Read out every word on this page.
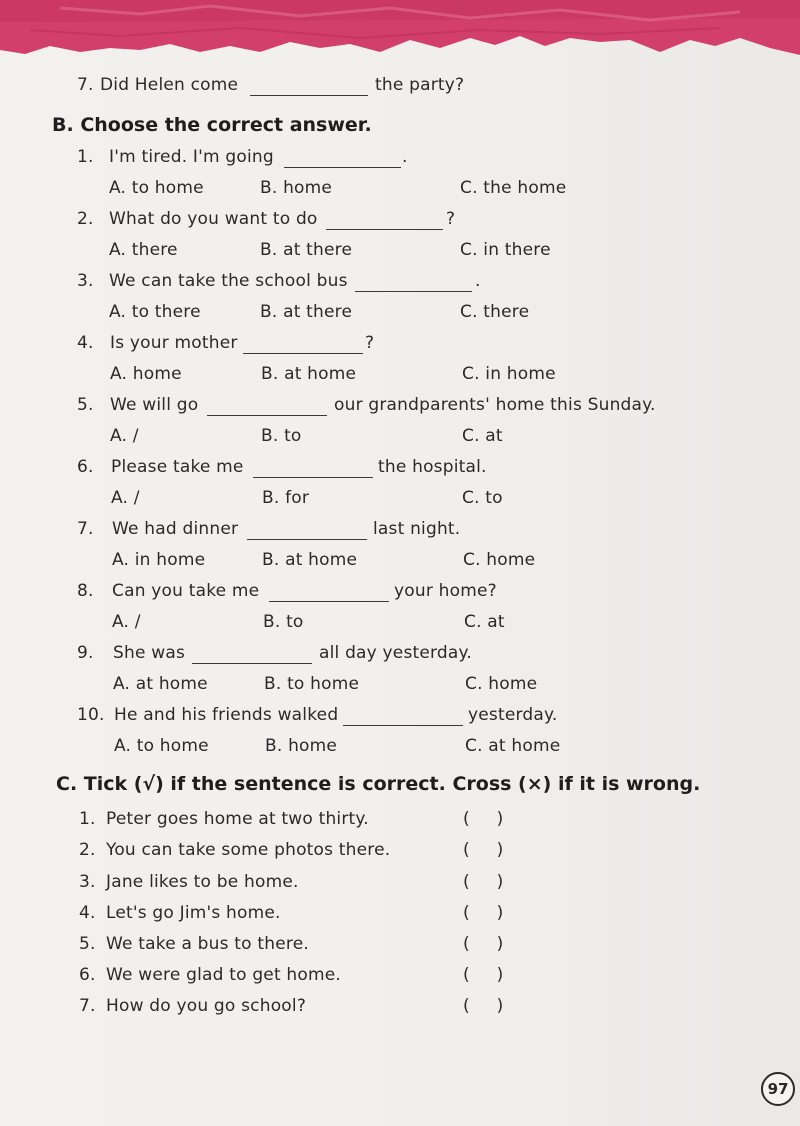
7. Did Helen come	the party?
B. Choose the correct answer.
1. I'm tired. I'm going	.
A. to home	B. home	C. the home
2. What do you want to do	?
A. there	B. at there	C. in there
3. We can take the school bus	.
A. to there	B. at there	C. there
4. Is your mother	?
A. home	B. at home	C. in home
5. We will go	our grandparents' home this Sunday.
A. /	B. to	C. at
6. Please take me	the hospital.
A. /	B. for	C. to
7. We had dinner	last night.
A. in home	B. at home	C. home
8. Can you take me	your home?
A. /	B. to	C. at
9. She was	all day yesterday.
A. at home	B. to home	C. home
10. He and his friends walked	yesterday.
A. to home	B. home	C. at home
C. Tick (√) if the sentence is correct. Cross (×) if it is wrong.
1. Peter goes home at two thirty.	(     )
2. You can take some photos there.	(     )
3. Jane likes to be home.	(     )
4. Let's go Jim's home.	(     )
5. We take a bus to there.	(     )
6. We were glad to get home.	(     )
7. How do you go school?	(     )
97
